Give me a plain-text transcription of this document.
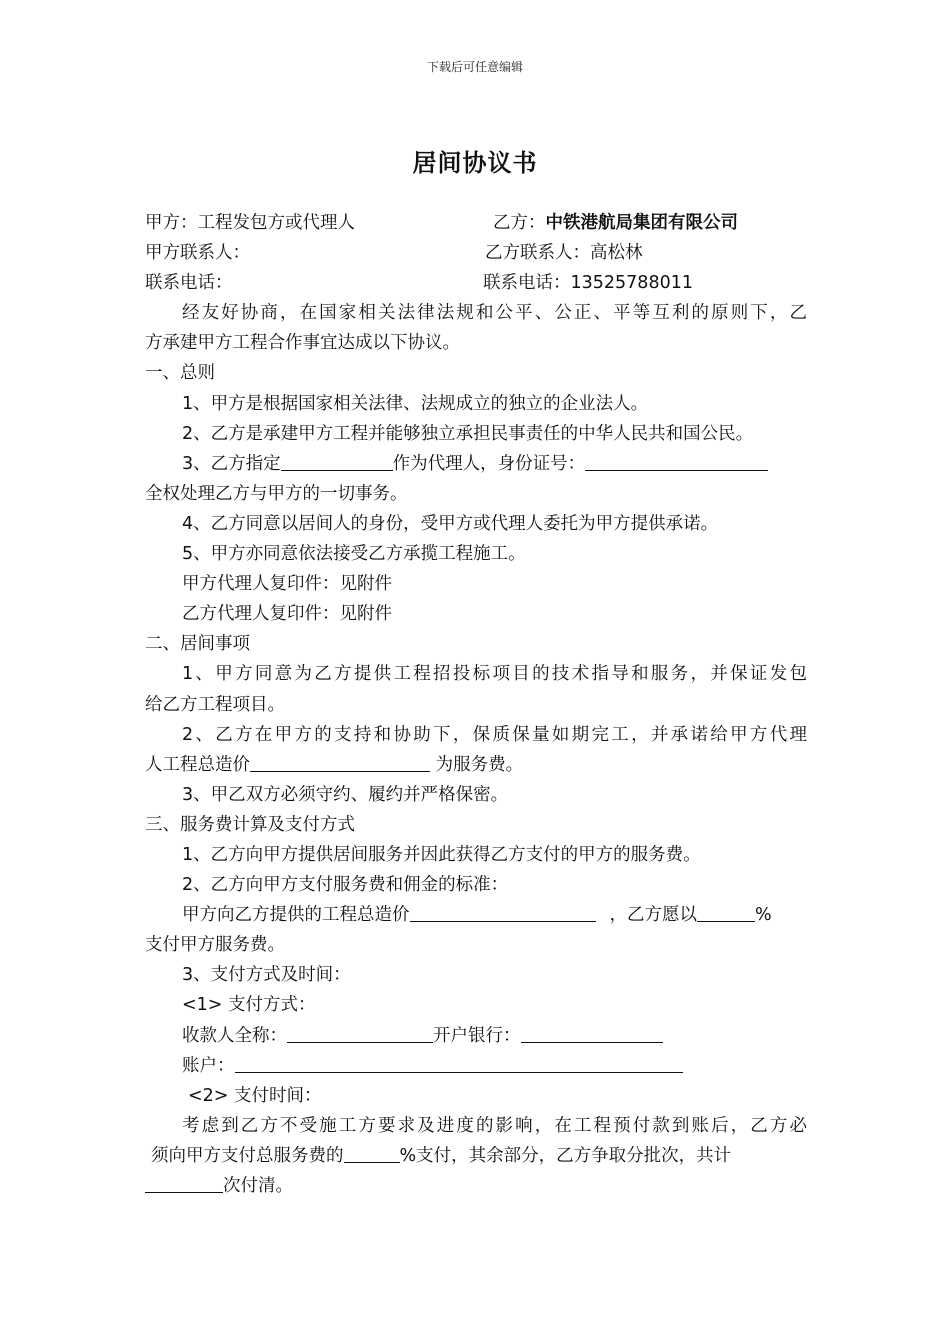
下载后可任意编辑
居间协议书
甲方：工程发包方或代理人	乙方：中铁港航局集团有限公司
甲方联系人：	乙方联系人：高松林
联系电话：	联系电话：13525788011
经友好协商，在国家相关法律法规和公平、公正、平等互利的原则下，乙
方承建甲方工程合作事宜达成以下协议。
一、总则
1、甲方是根据国家相关法律、法规成立的独立的企业法人。
2、乙方是承建甲方工程并能够独立承担民事责任的中华人民共和国公民。
3、乙方指定	作为代理人，身份证号：
全权处理乙方与甲方的一切事务。
4、乙方同意以居间人的身份，受甲方或代理人委托为甲方提供承诺。
5、甲方亦同意依法接受乙方承揽工程施工。
甲方代理人复印件：见附件
乙方代理人复印件：见附件
二、居间事项
1、甲方同意为乙方提供工程招投标项目的技术指导和服务，并保证发包
给乙方工程项目。
2、乙方在甲方的支持和协助下，保质保量如期完工，并承诺给甲方代理
人工程总造价	为服务费。
3、甲乙双方必须守约、履约并严格保密。
三、服务费计算及支付方式
1、乙方向甲方提供居间服务并因此获得乙方支付的甲方的服务费。
2、乙方向甲方支付服务费和佣金的标准：
甲方向乙方提供的工程总造价	，乙方愿以	%
支付甲方服务费。
3、支付方式及时间：
<1> 支付方式：
收款人全称：	开户银行：
账户：
<2> 支付时间：
考虑到乙方不受施工方要求及进度的影响，在工程预付款到账后，乙方必
须向甲方支付总服务费的	%支付，其余部分，乙方争取分批次，共计
次付清。
